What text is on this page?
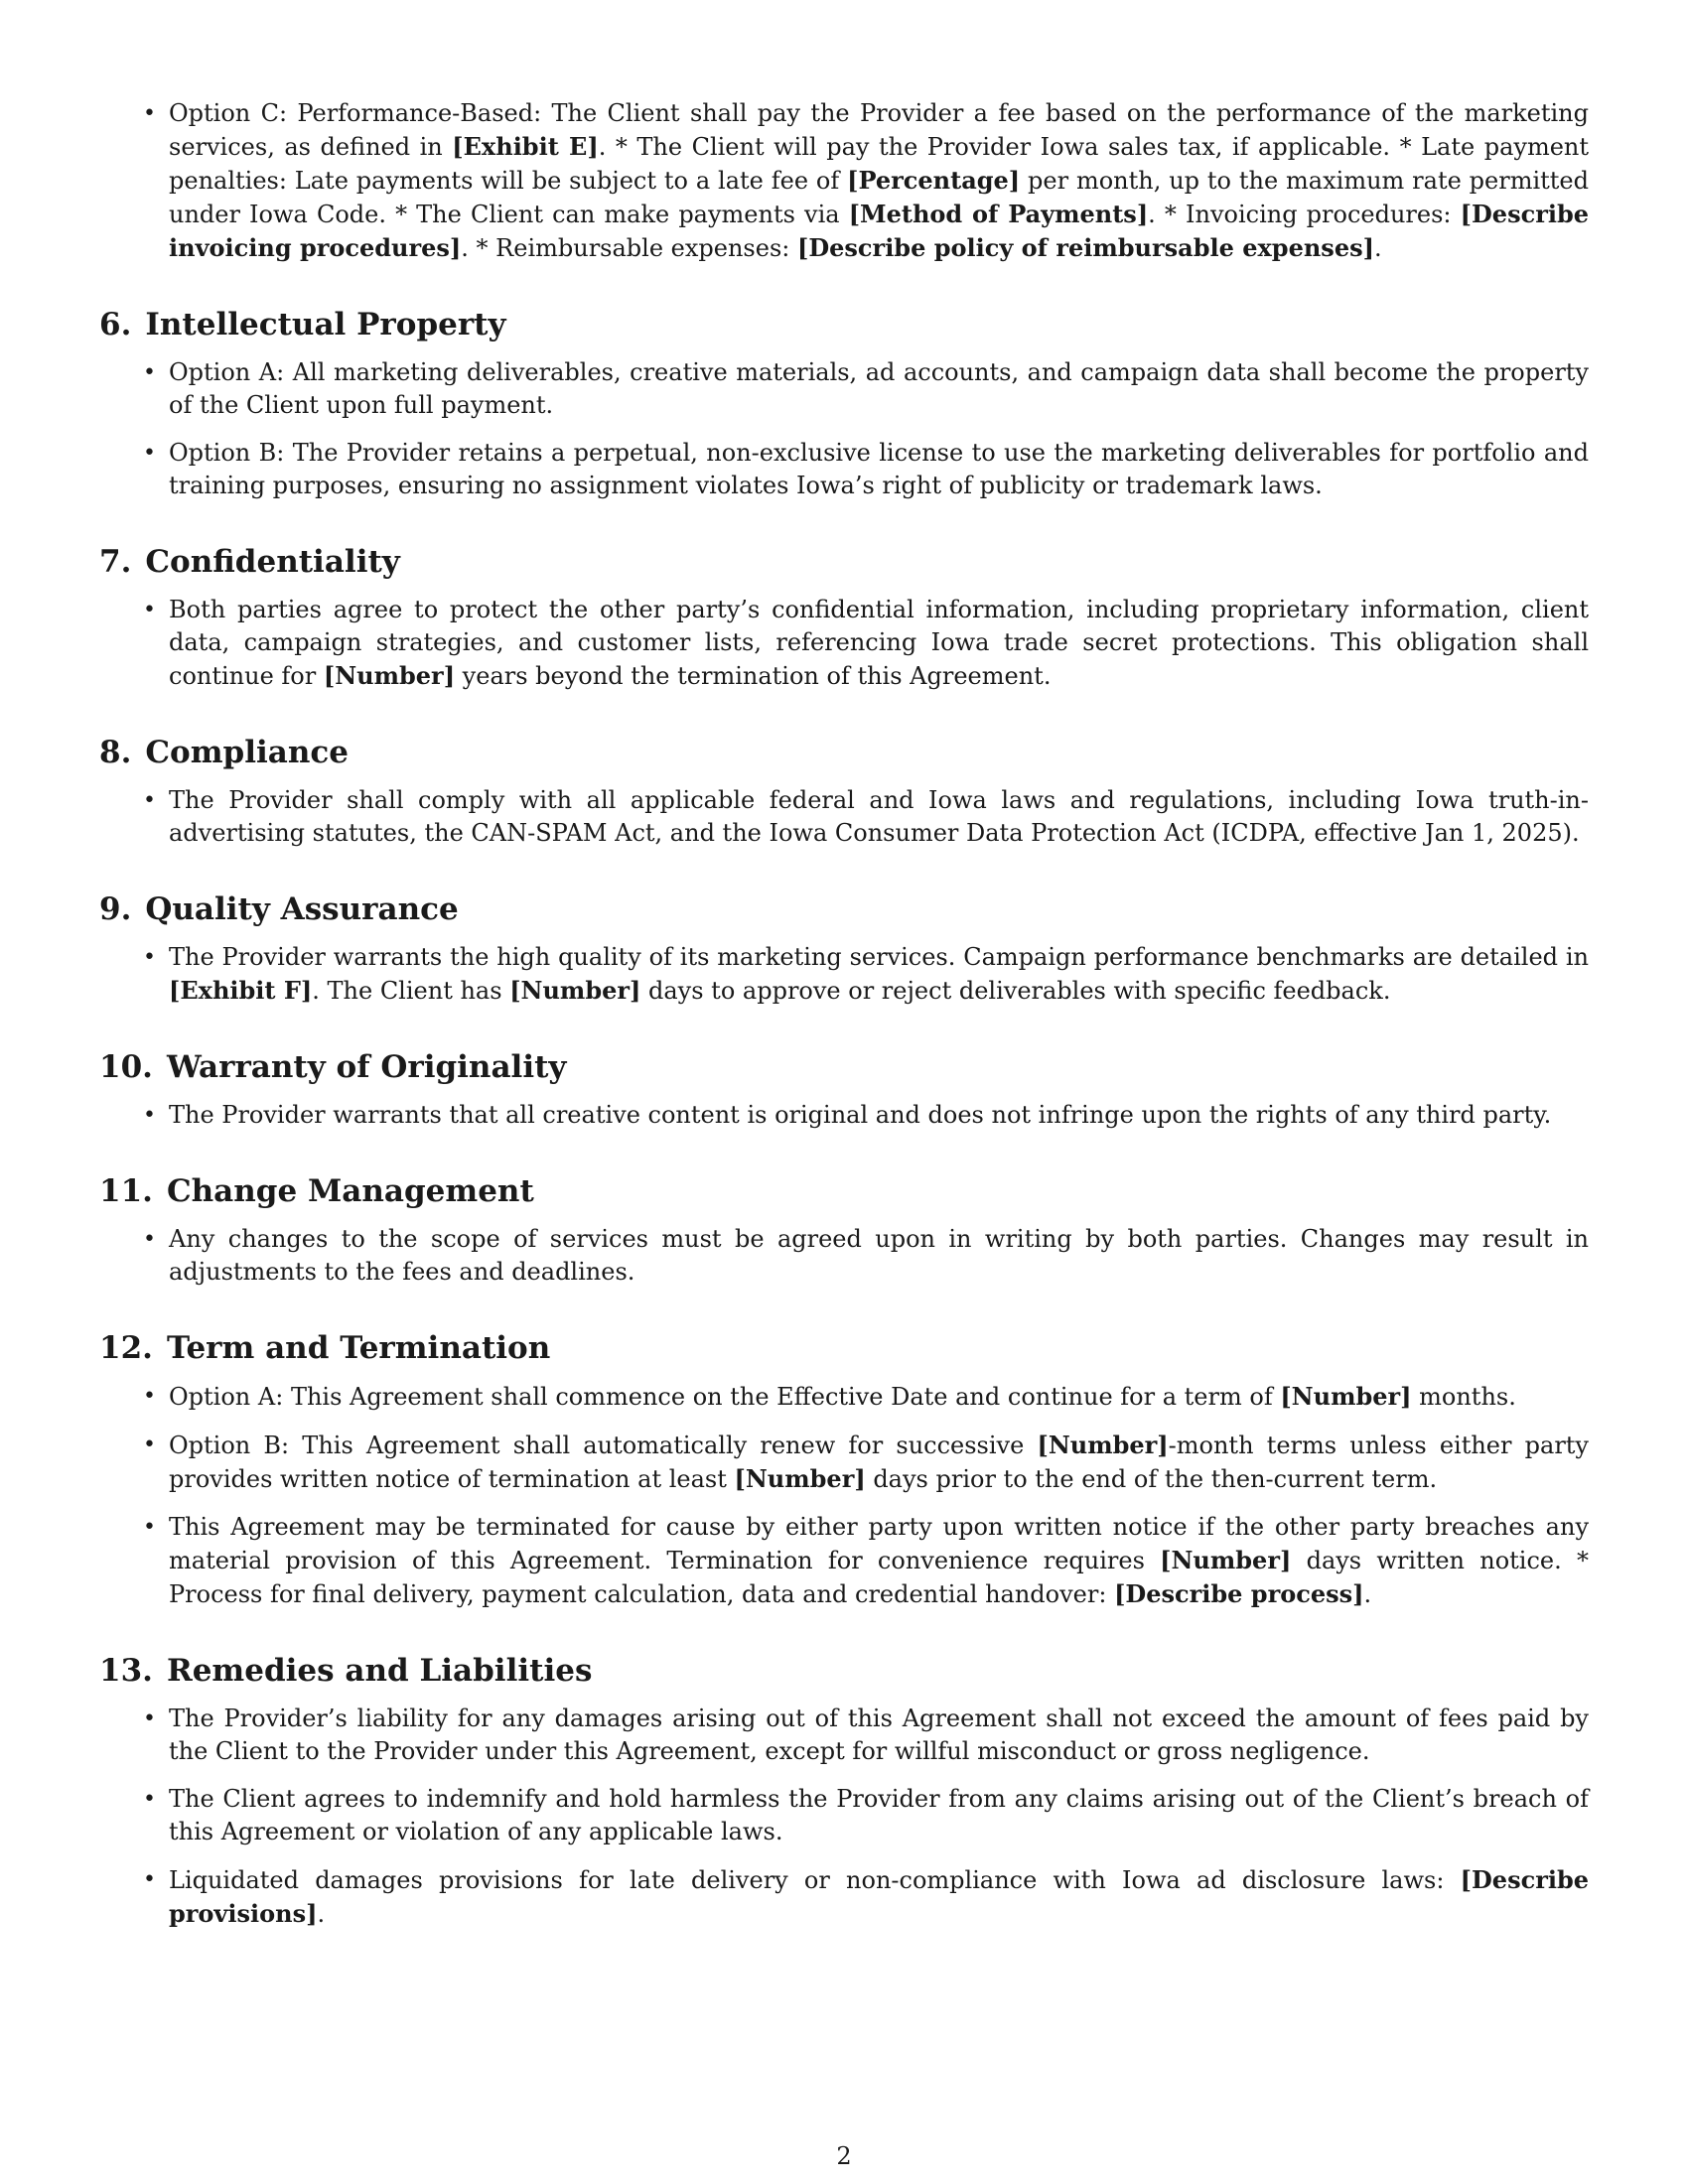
• Option C: Performance-Based: The Client shall pay the Provider a fee based on the performance of the marketing services, as defined in [Exhibit E]. * The Client will pay the Provider Iowa sales tax, if applicable. * Late payment penalties: Late payments will be subject to a late fee of [Percentage] per month, up to the maximum rate permitted under Iowa Code. * The Client can make payments via [Method of Payments]. * Invoicing procedures: [Describe invoicing procedures]. * Reimbursable expenses: [Describe policy of reimbursable expenses].
6. Intellectual Property
• Option A: All marketing deliverables, creative materials, ad accounts, and campaign data shall become the property of the Client upon full payment.
• Option B: The Provider retains a perpetual, non-exclusive license to use the marketing deliverables for portfolio and training purposes, ensuring no assignment violates Iowa’s right of publicity or trademark laws.
7. Confidentiality
• Both parties agree to protect the other party’s confidential information, including proprietary information, client data, campaign strategies, and customer lists, referencing Iowa trade secret protections. This obligation shall continue for [Number] years beyond the termination of this Agreement.
8. Compliance
• The Provider shall comply with all applicable federal and Iowa laws and regulations, including Iowa truth-in-advertising statutes, the CAN-SPAM Act, and the Iowa Consumer Data Protection Act (ICDPA, effective Jan 1, 2025).
9. Quality Assurance
• The Provider warrants the high quality of its marketing services. Campaign performance benchmarks are detailed in [Exhibit F]. The Client has [Number] days to approve or reject deliverables with specific feedback.
10. Warranty of Originality
• The Provider warrants that all creative content is original and does not infringe upon the rights of any third party.
11. Change Management
• Any changes to the scope of services must be agreed upon in writing by both parties. Changes may result in adjustments to the fees and deadlines.
12. Term and Termination
• Option A: This Agreement shall commence on the Effective Date and continue for a term of [Number] months.
• Option B: This Agreement shall automatically renew for successive [Number]-month terms unless either party provides written notice of termination at least [Number] days prior to the end of the then-current term.
• This Agreement may be terminated for cause by either party upon written notice if the other party breaches any material provision of this Agreement. Termination for convenience requires [Number] days written notice. * Process for final delivery, payment calculation, data and credential handover: [Describe process].
13. Remedies and Liabilities
• The Provider’s liability for any damages arising out of this Agreement shall not exceed the amount of fees paid by the Client to the Provider under this Agreement, except for willful misconduct or gross negligence.
• The Client agrees to indemnify and hold harmless the Provider from any claims arising out of the Client’s breach of this Agreement or violation of any applicable laws.
• Liquidated damages provisions for late delivery or non-compliance with Iowa ad disclosure laws: [Describe provisions].
2
